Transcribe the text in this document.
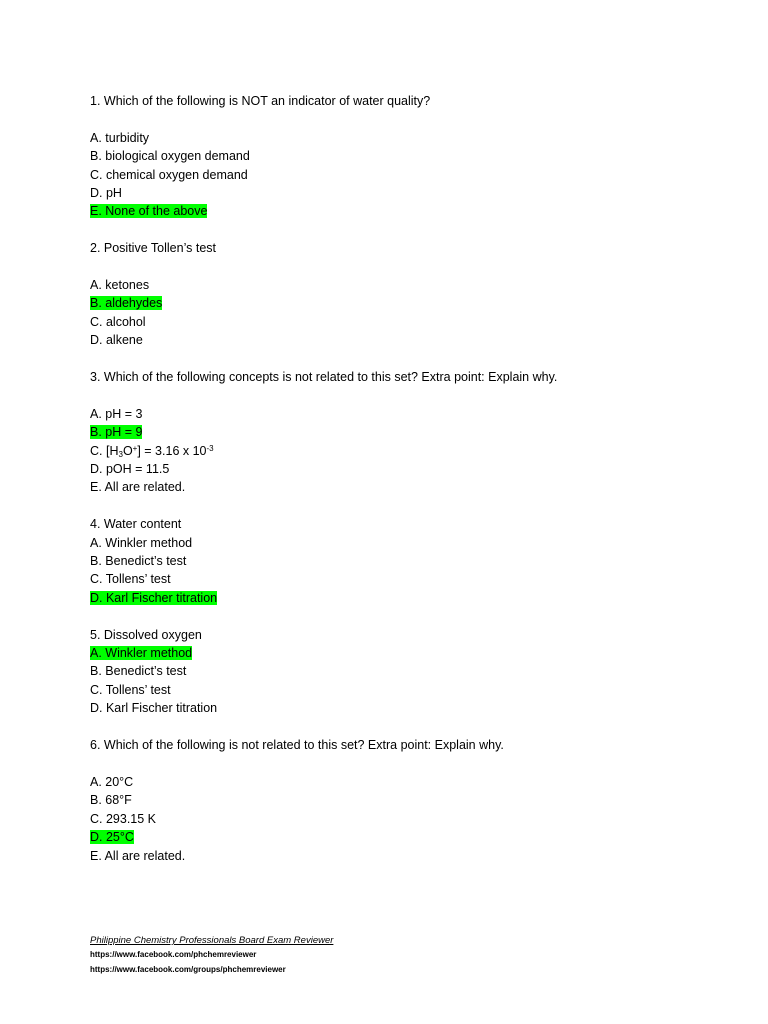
1. Which of the following is NOT an indicator of water quality?
A. turbidity
B. biological oxygen demand
C. chemical oxygen demand
D. pH
E. None of the above
2. Positive Tollen’s test
A. ketones
B. aldehydes
C. alcohol
D. alkene
3. Which of the following concepts is not related to this set? Extra point: Explain why.
A. pH = 3
B. pH = 9
C. $[H_3O^+] = 3.16$ x $10^{-3}$
D. pOH = 11.5
E. All are related.
4. Water content
A. Winkler method
B. Benedict’s test
C. Tollens’ test
D. Karl Fischer titration
5. Dissolved oxygen
A. Winkler method
B. Benedict’s test
C. Tollens’ test
D. Karl Fischer titration
6. Which of the following is not related to this set? Extra point: Explain why.
A. 20°C
B. 68°F
C. 293.15 K
D. 25°C
E. All are related.
Philippine Chemistry Professionals Board Exam Reviewer
https://www.facebook.com/phchemreviewer
https://www.facebook.com/groups/phchemreviewer
